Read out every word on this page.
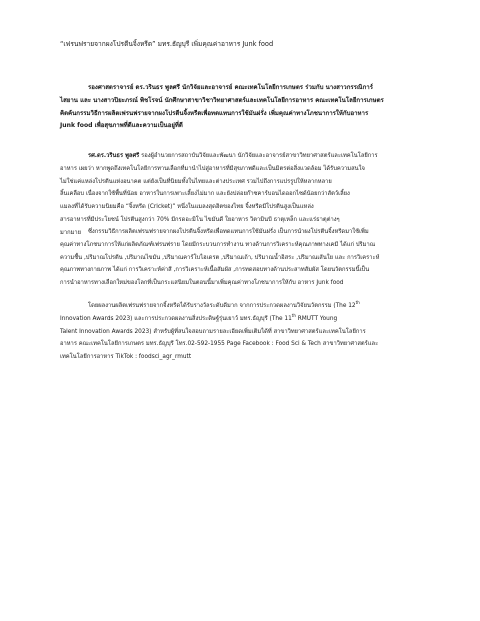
“เฟรนฟรายจากผงโปรตีนจิ้งหรีด” มทร.ธัญบุรี เพิ่มคุณค่าอาหาร Junk food
รองศาสตราจารย์ ดร.วรินธร พูลศรี นักวิจัยและอาจารย์ คณะเทคโนโลยีการเกษตร ร่วมกับ นางสาวกรรณิการ์
ไสยาน และ นางสาวปิยะภรณ์ พิชโรจน์ นักศึกษาสาขาวิชาวิทยาศาสตร์และเทคโนโลยีการอาหาร คณะเทคโนโลยีการเกษตร
คิดค้นกรรมวิธีการผลิตเฟรนฟรายจากผงโปรตีนจิ้งหรีดเพื่อทดแทนการใช้มันฝรั่ง เพิ่มคุณค่าทางโภชนาการให้กับอาหาร
Junk food เพื่อสุขภาพที่ดีและความเป็นอยู่ที่ดี
รศ.ดร.วรินธร พูลศรี รองผู้อำนวยการสถาบันวิจัยและพัฒนา นักวิจัยและอาจารย์สาขาวิทยาศาสตร์และเทคโนโลยีการ
อาหาร เผยว่า หากพูดถึงเทคโนโลยีการทานเลือกที่มานำไปสู่อาหารที่มีสุขภาพดีและเป็นมิตรต่อสิ่งแวดล้อม ได้รับความสนใจ
ไม่ใช่แค่แหล่งโปรตีนแห่งอนาคต แต่ยังเป็นที่นิยมทั้งในไทยและต่างประเทศ รวมไปถึงการแปรรูปให้หลากหลาย
ลิ้นเคลือบ เนื่องจากใช้พื้นที่น้อย อาหารในการเพาะเลี้ยงไม่มาก และยังปล่อยก๊าซคาร์บอนไดออกไซด์น้อยกว่าสัตว์เลี้ยง
แมลงที่ได้รับความนิยมคือ “จิ้งหรีด (Cricket)” หนึ่งในแมลงสุดฮิตของไทย จิ้งหรีดมีโปรตีนสูงเป็นแหล่ง
สารอาหารที่มีประโยชน์ โปรตีนสูงกว่า 70% มีกรดอะมิโน ไขมันดี ใยอาหาร วิตามินบี ธาตุเหล็ก และแร่ธาตุต่างๆ
มากมาย	ซึ่งกรรมวิธีการผลิตเฟรนฟรายจากผงโปรตีนจิ้งหรีดเพื่อทดแทนการใช้มันฝรั่ง เป็นการนำผงโปรตีนจิ้งหรีดมาใช้เพิ่ม
คุณค่าทางโภชนาการให้แก่ผลิตภัณฑ์เฟรนฟราย โดยมีกระบวนการทำงาน ทางด้านการวิเคราะห์คุณภาพทางเคมี ได้แก่ ปริมาณ
ความชื้น ,ปริมาณโปรตีน ,ปริมาณไขมัน ,ปริมาณคาร์โบไฮเดรต ,ปริมาณเถ้า, ปริมาณน้ำอิสระ ,ปริมาณเส้นใย และ การวิเคราะห์
คุณภาพทางกายภาพ ได้แก่ การวิเคราะห์ค่าสี ,การวิเคราะห์เนื้อสัมผัส ,การทดสอบทางด้านประสาทสัมผัส โดยนวัตกรรมนี้เป็น
การนำอาหารทางเลือกใหม่ของโลกที่เป็นกระแสนิยมในตอนนี้มาเพิ่มคุณค่าทางโภชนาการให้กับ อาหาร Junk food
โดยผลงานผลิตเฟรนฟรายจากจิ้งหรีดได้รับรางวัลระดับดีมาก จากการประกวดผลงานวิจัยนวัตกรรม (The 12th
Innovation Awards 2023) และการประกวดผลงานสิ่งประดิษฐ์รุ่นเยาว์ มทร.ธัญบุรี (The 11th RMUTT Young
Talent Innovation Awards 2023) สำหรับผู้ที่สนใจสอบถามรายละเอียดเพิ่มเติมได้ที่ สาขาวิทยาศาสตร์และเทคโนโลยีการ
อาหาร คณะเทคโนโลยีการเกษตร มทร.ธัญบุรี โทร.02-592-1955 Page Facebook : Food Sci & Tech สาขาวิทยาศาสตร์และ
เทคโนโลยีการอาหาร TikTok : foodsci_agr_rmutt
